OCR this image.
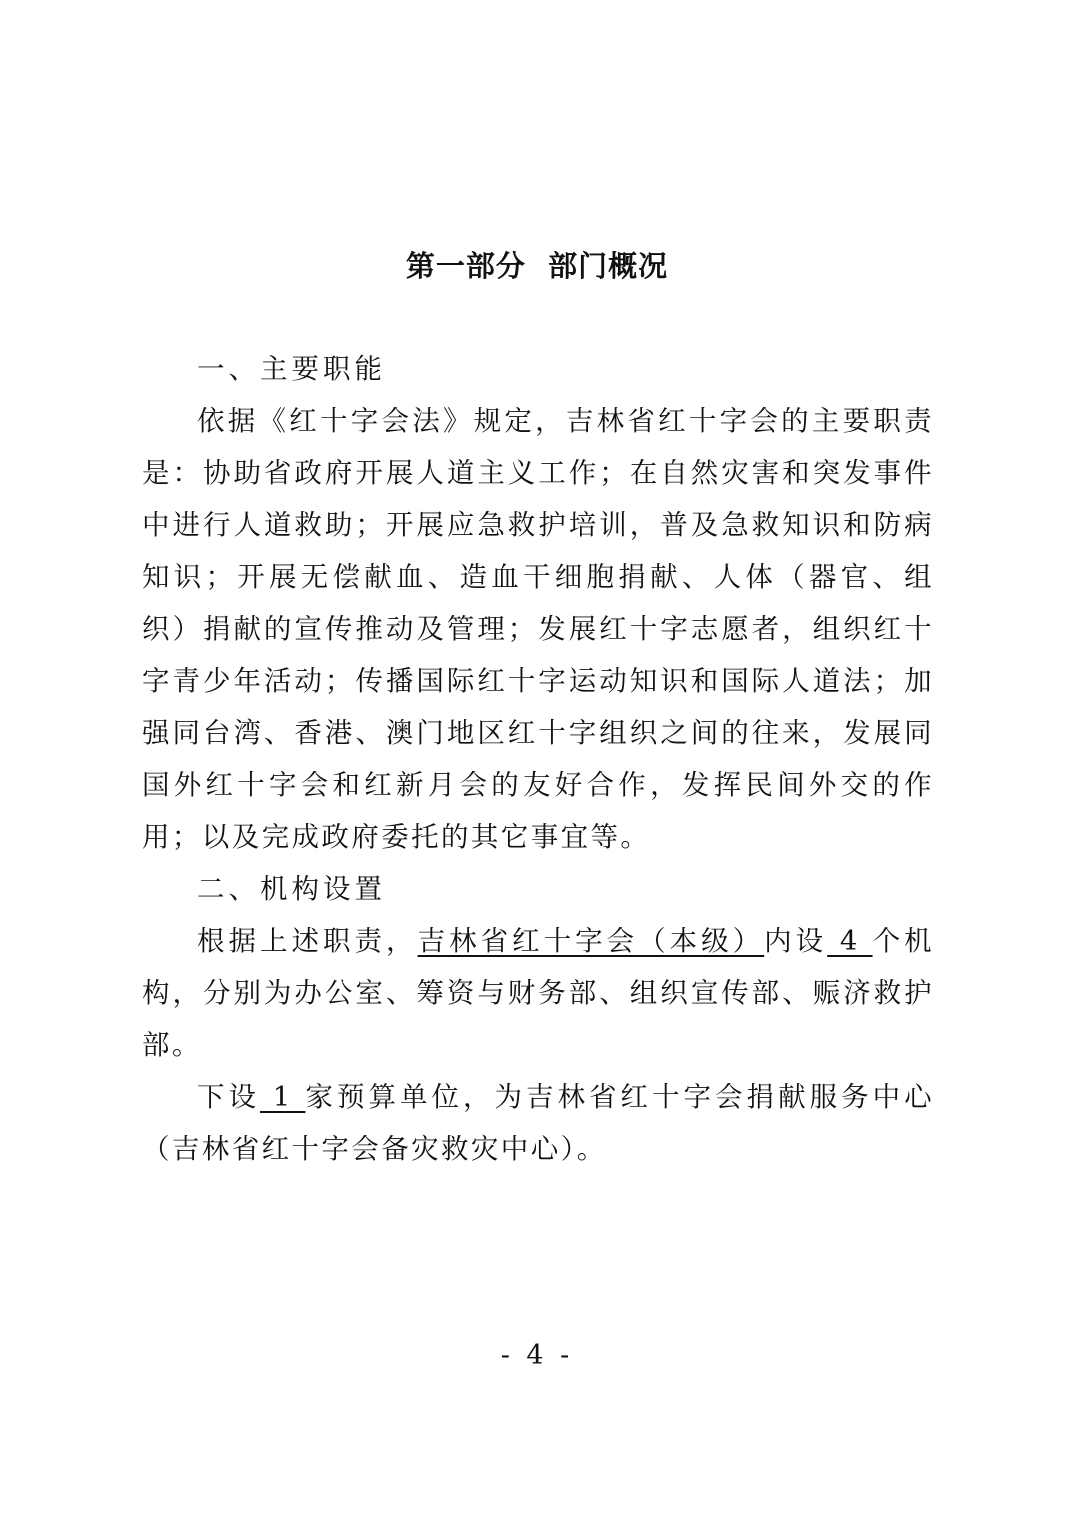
第一部分  部门概况

一、主要职能

依据《红十字会法》规定，吉林省红十字会的主要职责是：协助省政府开展人道主义工作；在自然灾害和突发事件中进行人道救助；开展应急救护培训，普及急救知识和防病知识；开展无偿献血、造血干细胞捐献、人体（器官、组织）捐献的宣传推动及管理；发展红十字志愿者，组织红十字青少年活动；传播国际红十字运动知识和国际人道法；加强同台湾、香港、澳门地区红十字组织之间的往来，发展同国外红十字会和红新月会的友好合作，发挥民间外交的作用；以及完成政府委托的其它事宜等。

二、机构设置

根据上述职责，吉林省红十字会（本级）内设 4 个机构，分别为办公室、筹资与财务部、组织宣传部、赈济救护部。

下设 1 家预算单位，为吉林省红十字会捐献服务中心（吉林省红十字会备灾救灾中心）。

- 4 -
